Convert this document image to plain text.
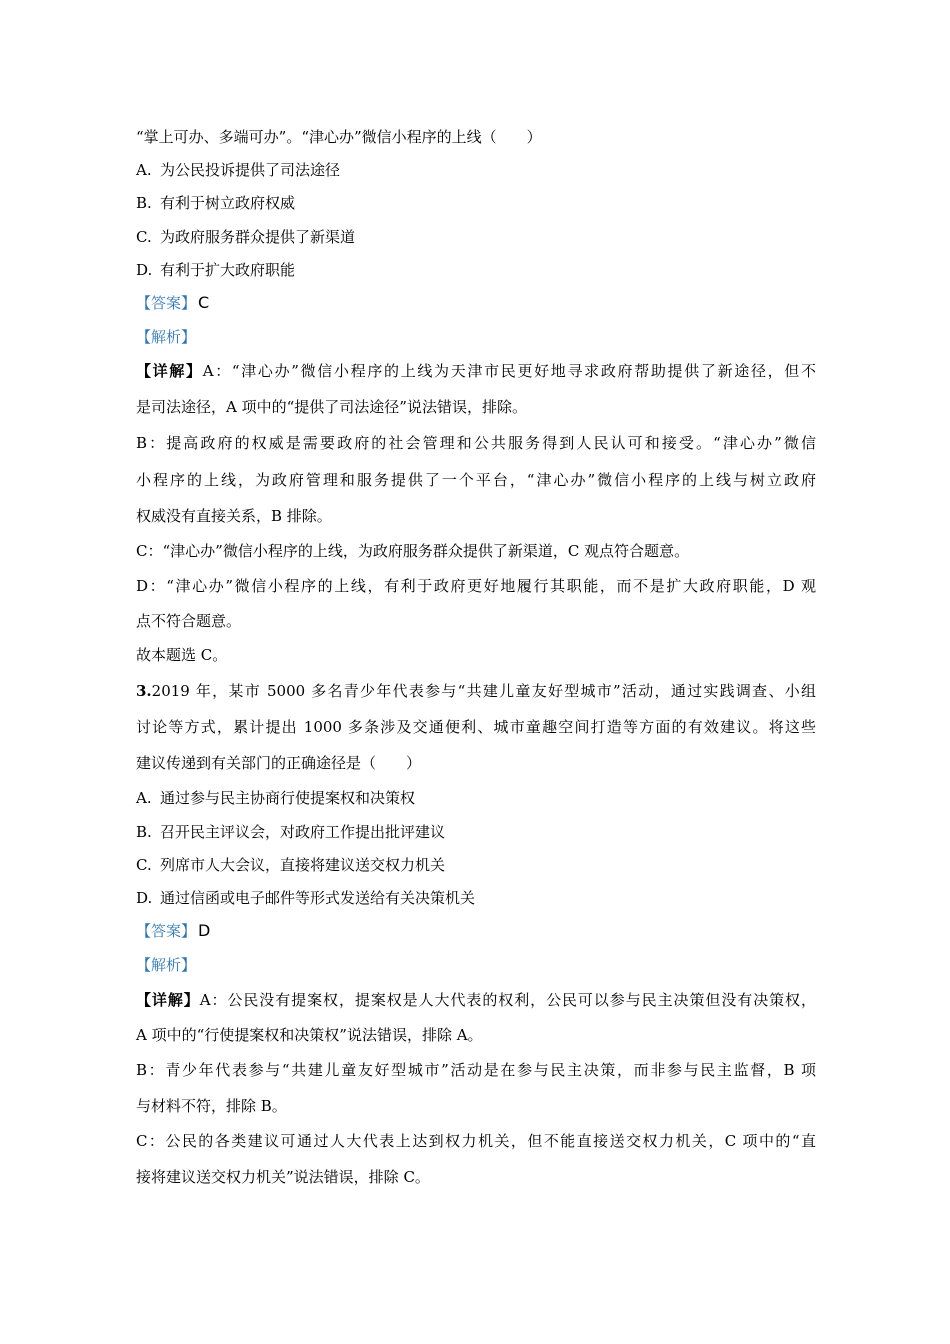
“掌上可办、多端可办”。“津心办”微信小程序的上线（　　）
A. 为公民投诉提供了司法途径
B. 有利于树立政府权威
C. 为政府服务群众提供了新渠道
D. 有利于扩大政府职能
【答案】 C
【解析】
【详解】A：“津心办”微信小程序的上线为天津市民更好地寻求政府帮助提供了新途径，但不
是司法途径，A 项中的“提供了司法途径”说法错误，排除。
B：提高政府的权威是需要政府的社会管理和公共服务得到人民认可和接受。“津心办”微信
小程序的上线，为政府管理和服务提供了一个平台，“津心办”微信小程序的上线与树立政府
权威没有直接关系，B 排除。
C：“津心办”微信小程序的上线，为政府服务群众提供了新渠道，C 观点符合题意。
D：“津心办”微信小程序的上线，有利于政府更好地履行其职能，而不是扩大政府职能，D 观
点不符合题意。
故本题选 C。
3.2019 年，某市 5000 多名青少年代表参与“共建儿童友好型城市”活动，通过实践调查、小组
讨论等方式，累计提出 1000 多条涉及交通便利、城市童趣空间打造等方面的有效建议。将这些
建议传递到有关部门的正确途径是（　　）
A. 通过参与民主协商行使提案权和决策权
B. 召开民主评议会，对政府工作提出批评建议
C. 列席市人大会议，直接将建议送交权力机关
D. 通过信函或电子邮件等形式发送给有关决策机关
【答案】 D
【解析】
【详解】A：公民没有提案权，提案权是人大代表的权利，公民可以参与民主决策但没有决策权，
A 项中的“行使提案权和决策权”说法错误，排除 A。
B：青少年代表参与“共建儿童友好型城市”活动是在参与民主决策，而非参与民主监督，B 项
与材料不符，排除 B。
C：公民的各类建议可通过人大代表上达到权力机关，但不能直接送交权力机关，C 项中的“直
接将建议送交权力机关”说法错误，排除 C。
